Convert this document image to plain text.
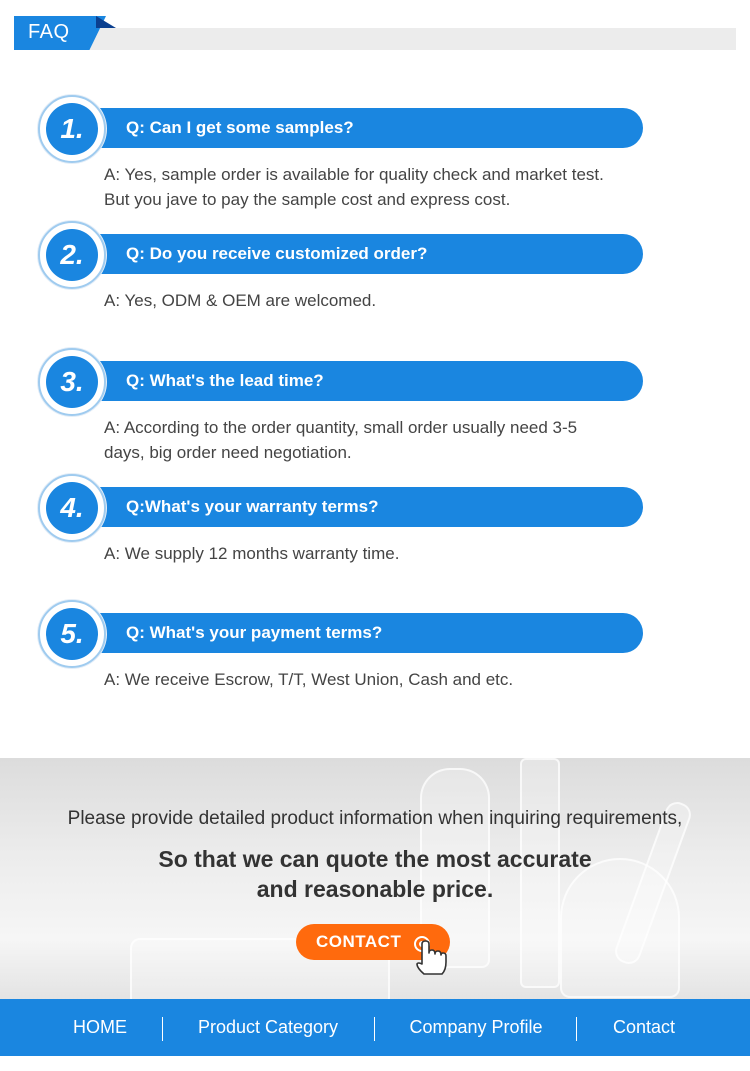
FAQ
Q: Can I get some samples?
1.
A: Yes, sample order is available for quality check and market test.
But you jave to pay the sample cost and express cost.
Q: Do you receive customized order?
2.
A: Yes, ODM & OEM are welcomed.
Q: What's the lead time?
3.
A: According to the order quantity, small order usually need 3-5
days, big order need negotiation.
Q:What's your warranty terms?
4.
A: We supply 12 months warranty time.
Q: What's your payment terms?
5.
A: We receive Escrow, T/T, West Union, Cash and etc.
Please provide detailed product information when inquiring requirements,
So that we can quote the most accurate
and reasonable price.
CONTACT
HOME	Product Category	Company Profile	Contact
